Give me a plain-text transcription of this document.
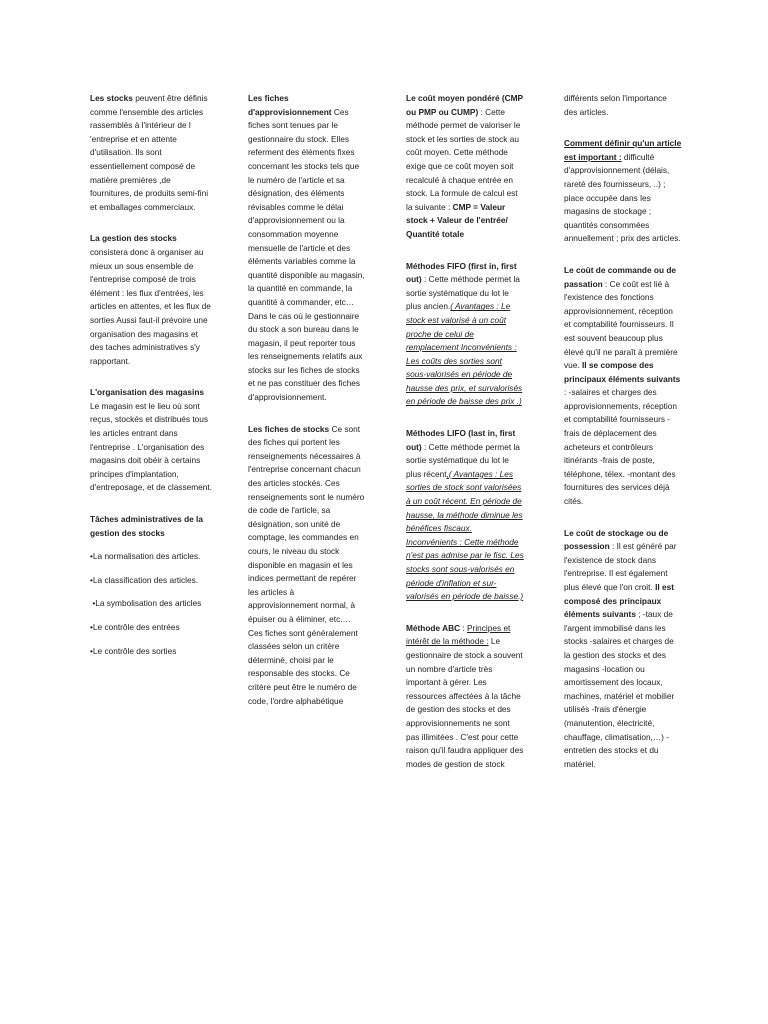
Les stocks peuvent être définis comme l'ensemble des articles rassemblés à l'intérieur de l 'entreprise et en attente d'utilisation. Ils sont essentiellement composé de matière premières ,de fournitures, de produits semi-fini et emballages commerciaux.

La gestion des stocks consistera donc à organiser au mieux un sous ensemble de l'entreprise composé de trois élément : les flux d'entrées, les articles en attentes, et les flux de sorties Aussi faut-il prévoire une organisation des magasins et des taches administratives s'y rapportant.

L'organisation des magasins Le magasin est le lieu où sont reçus, stockés et distribués tous les articles entrant dans l'entreprise . L'organisation des magasins doit obéir à certains principes d'implantation, d'entreposage, et de classement.

Tâches administratives de la gestion des stocks

•La normalisation des articles.

•La classification des articles.

•La symbolisation des articles

•Le contrôle des entrées

•Le contrôle des sorties

Les fiches d'approvisionnement Ces fiches sont tenues par le gestionnaire du stock. Elles referment des éléments fixes concernant les stocks tels que le numéro de l'article et sa désignation, des éléments révisables comme le délai d'approvisionnement ou la consommation moyenne mensuelle de l'article et des éléments variables comme la quantité disponible au magasin, la quantité en commande, la quantité à commander, etc… Dans le cas où le gestionnaire du stock a son bureau dans le magasin, il peut reporter tous les renseignements relatifs aux stocks sur les fiches de stocks et ne pas constituer des fiches d'approvisionnement.

Les fiches de stocks Ce sont des fiches qui portent les renseignements nécessaires à l'entreprise concernant chacun des articles stockés. Ces renseignements sont le numéro de code de l'article, sa désignation, son unité de comptage, les commandes en cours, le niveau du stock disponible en magasin et les indices permettant de repérer les articles à approvisionnement normal, à épuiser ou à éliminer, etc.… Ces fiches sont généralement classées selon un critère déterminé, choisi par le responsable des stocks. Ce critère peut être le numéro de code, l'ordre alphabétique

Le coût moyen pondéré (CMP ou PMP ou CUMP) : Cette méthode permet de valoriser le stock et les sorties de stock au coût moyen. Cette méthode exige que ce coût moyen soit recalculé à chaque entrée en stock. La formule de calcul est la suivante : CMP = Valeur stock + Valeur de l'entrée/ Quantité totale

Méthodes FIFO (first in, first out) : Cette méthode permet la sortie systématique du lot le plus ancien.( Avantages : Le stock est valorisé à un coût proche de celui de remplacement Inconvénients : Les coûts des sorties sont sous-valorisés en période de hausse des prix, et survalorisés en période de baisse des prix .)

Méthodes LIFO (last in, first out) : Cette méthode permet la sortie systématique du lot le plus récent,( Avantages : Les sorties de stock sont valorisées à un coût récent. En période de hausse, la méthode diminue les bénéfices fiscaux. Inconvénients : Cette méthode n'est pas admise par le fisc. Les stocks sont sous-valorisés en période d'inflation et sur-valorisés en période de baisse.)

Méthode ABC : Principes et intérêt de la méthode : Le gestionnaire de stock a souvent un nombre d'article très important à gérer. Les ressources affectées à la tâche de gestion des stocks et des approvisionnements ne sont pas illimitées . C'est pour cette raison qu'il faudra appliquer des modes de gestion de stock

différents selon l'importance des articles.

Comment définir qu'un article est important : difficulté d'approvisionnement (délais, rareté des fournisseurs, ..) ; place occupée dans les magasins de stockage ; quantités consommées annuellement ; prix des articles.

Le coût de commande ou de passation : Ce coût est lié à l'existence des fonctions approvisionnement, réception et comptabilité fournisseurs. Il est souvent beaucoup plus élevé qu'il ne paraît à première vue. Il se compose des principaux éléments suivants : -salaires et charges des approvisionnements, réception et comptabilité fournisseurs -frais de déplacement des acheteurs et contrôleurs itinérants -frais de poste, téléphone, télex. -montant des fournitures des services déjà cités.

Le coût de stockage ou de possession : Il est généré par l'existence de stock dans l'entreprise. Il est également plus élevé que l'on croit. Il est composé des principaux éléments suivants ; -taux de l'argent immobilisé dans les stocks -salaires et charges de la gestion des stocks et des magasins -location ou amortissement des locaux, machines, matériel et mobilier utilisés -frais d'énergie (manutention, électricité, chauffage, climatisation,…) -entretien des stocks et du matériel.
